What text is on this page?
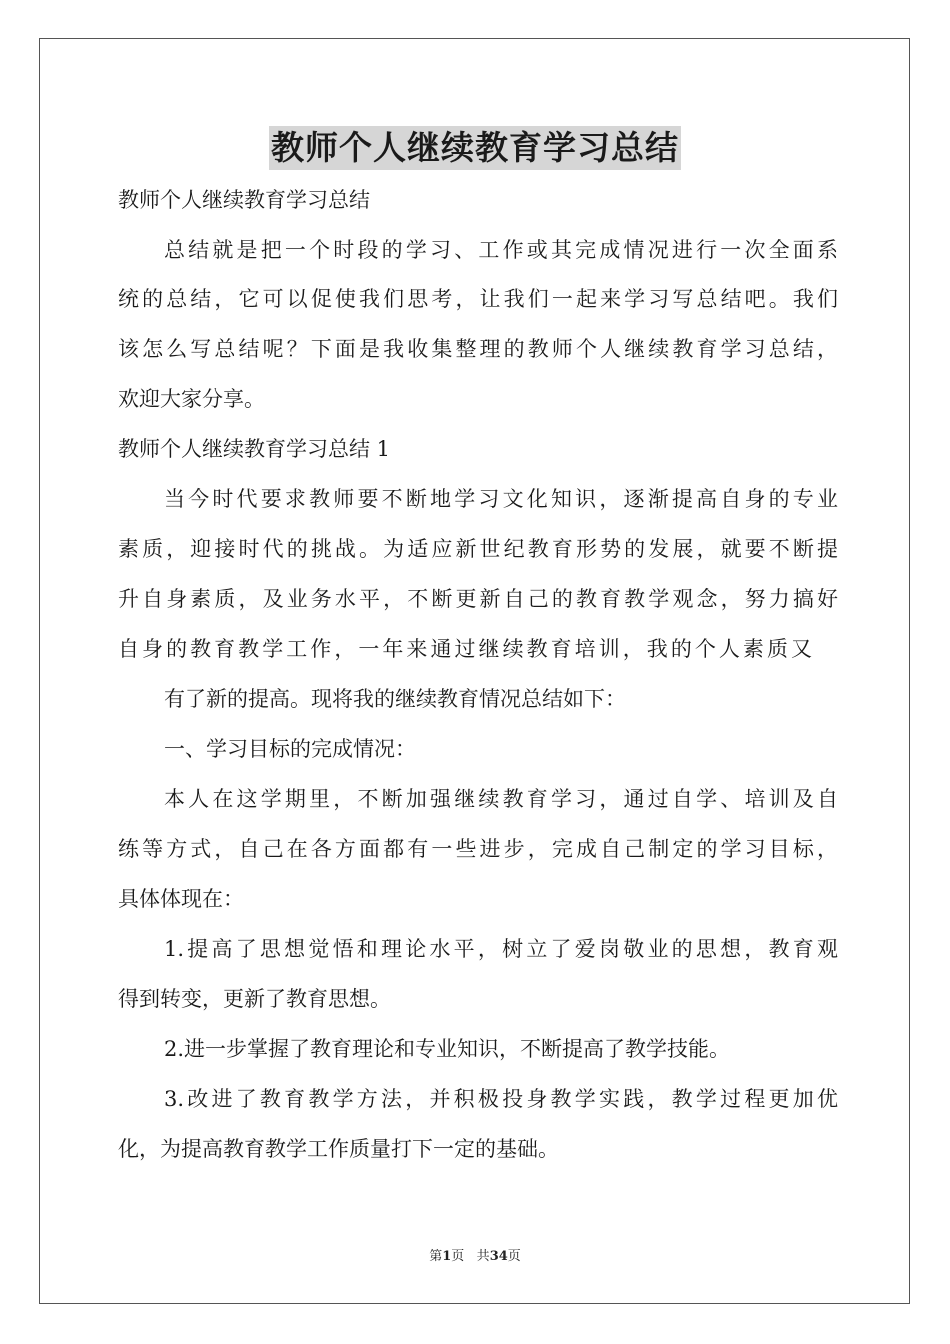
教师个人继续教育学习总结
教师个人继续教育学习总结
总结就是把一个时段的学习、工作或其完成情况进行一次全面系
统的总结，它可以促使我们思考，让我们一起来学习写总结吧。我们
该怎么写总结呢？下面是我收集整理的教师个人继续教育学习总结，
欢迎大家分享。
教师个人继续教育学习总结 1
当今时代要求教师要不断地学习文化知识，逐渐提高自身的专业
素质，迎接时代的挑战。为适应新世纪教育形势的发展，就要不断提
升自身素质，及业务水平，不断更新自己的教育教学观念，努力搞好
自身的教育教学工作，一年来通过继续教育培训，我的个人素质又
有了新的提高。现将我的继续教育情况总结如下：
一、学习目标的完成情况：
本人在这学期里，不断加强继续教育学习，通过自学、培训及自
练等方式，自己在各方面都有一些进步，完成自己制定的学习目标，
具体体现在：
1.提高了思想觉悟和理论水平，树立了爱岗敬业的思想，教育观
得到转变，更新了教育思想。
2.进一步掌握了教育理论和专业知识，不断提高了教学技能。
3.改进了教育教学方法，并积极投身教学实践，教学过程更加优
化，为提高教育教学工作质量打下一定的基础。
第1页 共34页
